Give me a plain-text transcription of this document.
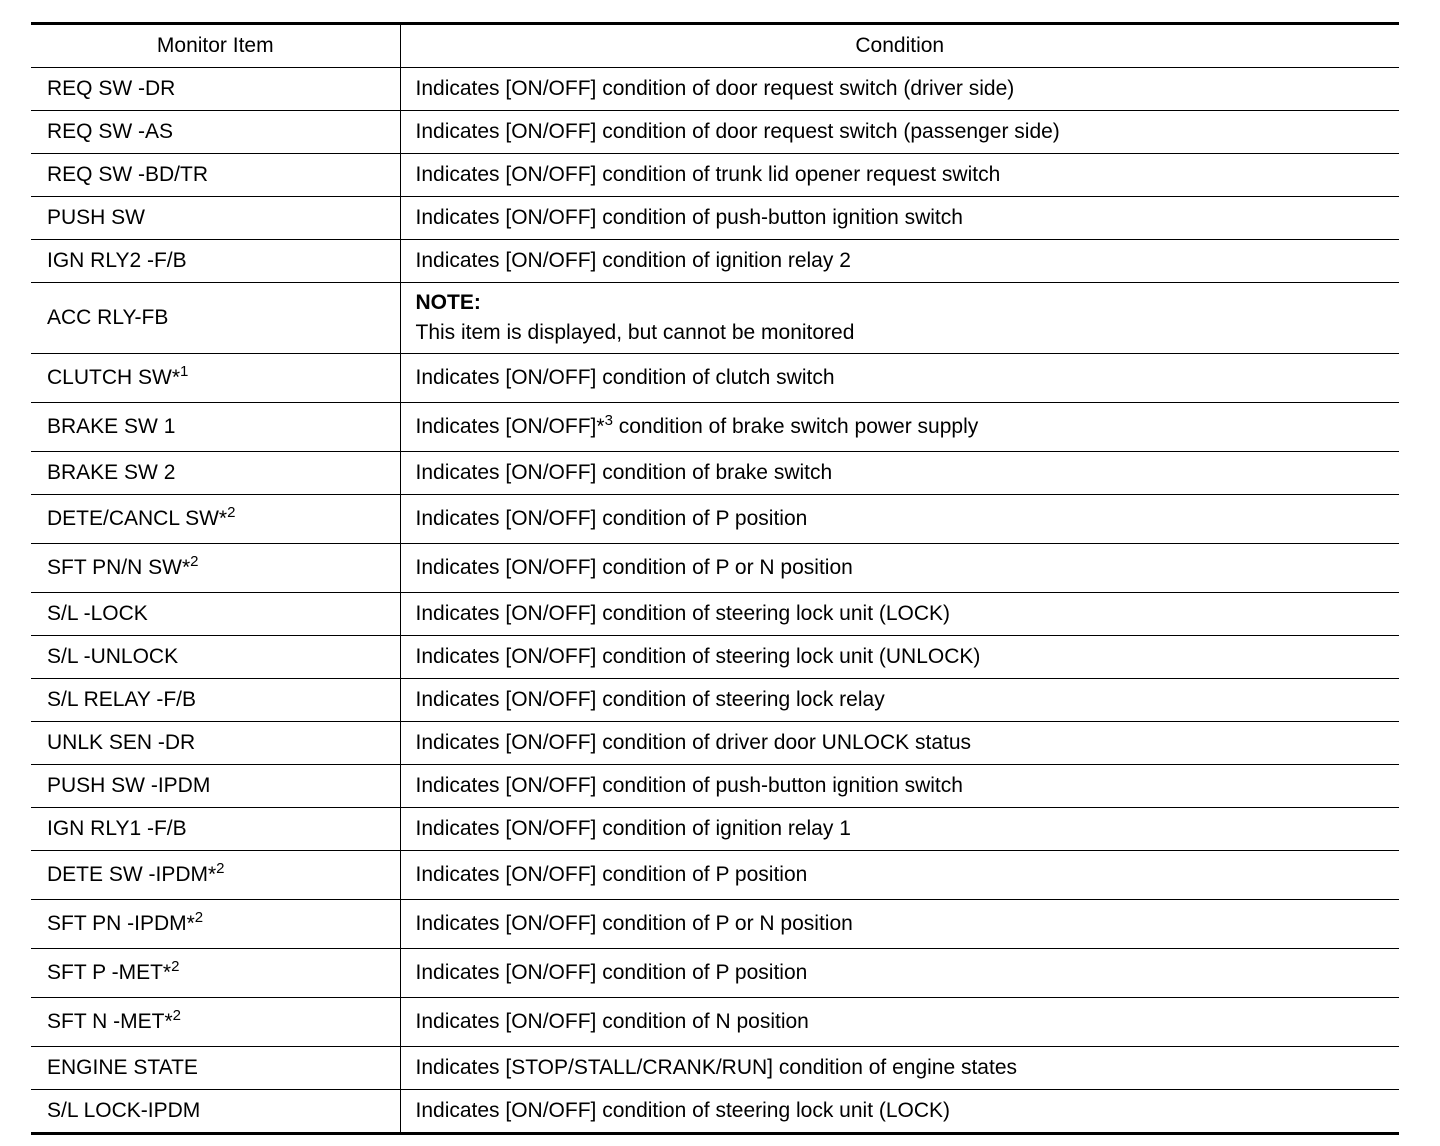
Monitor Item	Condition
REQ SW -DR	Indicates [ON/OFF] condition of door request switch (driver side)
REQ SW -AS	Indicates [ON/OFF] condition of door request switch (passenger side)
REQ SW -BD/TR	Indicates [ON/OFF] condition of trunk lid opener request switch
PUSH SW	Indicates [ON/OFF] condition of push-button ignition switch
IGN RLY2 -F/B	Indicates [ON/OFF] condition of ignition relay 2
ACC RLY-FB	NOTE:
This item is displayed, but cannot be monitored

CLUTCH SW*$^1$	Indicates [ON/OFF] condition of clutch switch
BRAKE SW 1	Indicates [ON/OFF]*$^3$ condition of brake switch power supply
BRAKE SW 2	Indicates [ON/OFF] condition of brake switch
DETE/CANCL SW*$^2$	Indicates [ON/OFF] condition of P position
SFT PN/N SW*$^2$	Indicates [ON/OFF] condition of P or N position
S/L -LOCK	Indicates [ON/OFF] condition of steering lock unit (LOCK)
S/L -UNLOCK	Indicates [ON/OFF] condition of steering lock unit (UNLOCK)
S/L RELAY -F/B	Indicates [ON/OFF] condition of steering lock relay
UNLK SEN -DR	Indicates [ON/OFF] condition of driver door UNLOCK status
PUSH SW -IPDM	Indicates [ON/OFF] condition of push-button ignition switch
IGN RLY1 -F/B	Indicates [ON/OFF] condition of ignition relay 1
DETE SW -IPDM*$^2$	Indicates [ON/OFF] condition of P position
SFT PN -IPDM*$^2$	Indicates [ON/OFF] condition of P or N position
SFT P -MET*$^2$	Indicates [ON/OFF] condition of P position
SFT N -MET*$^2$	Indicates [ON/OFF] condition of N position
ENGINE STATE	Indicates [STOP/STALL/CRANK/RUN] condition of engine states
S/L LOCK-IPDM	Indicates [ON/OFF] condition of steering lock unit (LOCK)
